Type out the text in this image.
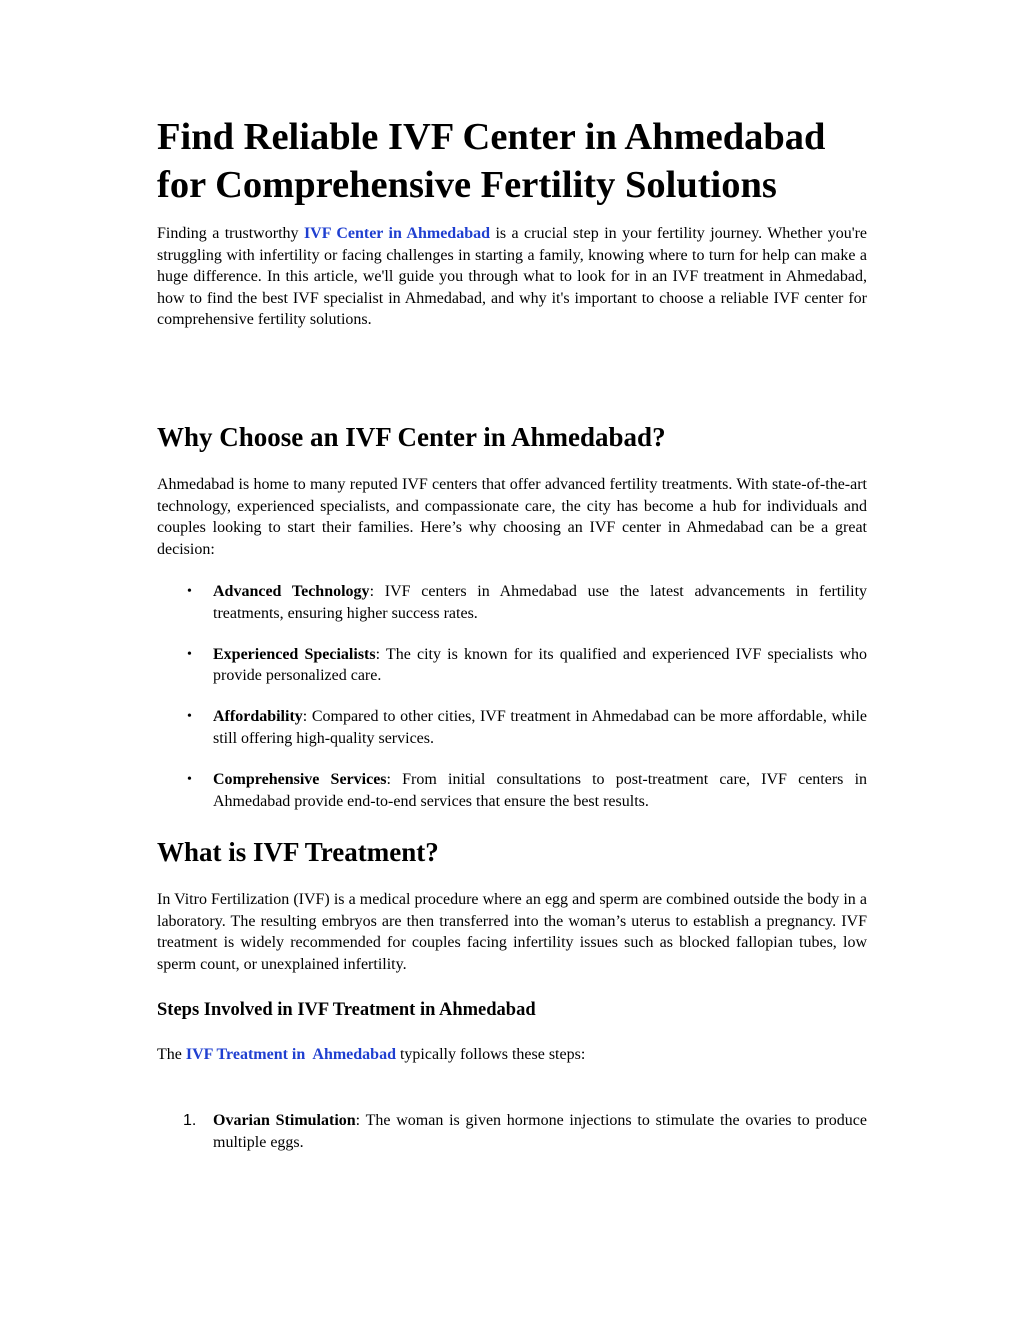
Find Reliable IVF Center in Ahmedabad for Comprehensive Fertility Solutions

Finding a trustworthy IVF Center in Ahmedabad is a crucial step in your fertility journey. Whether you're struggling with infertility or facing challenges in starting a family, knowing where to turn for help can make a huge difference. In this article, we'll guide you through what to look for in an IVF treatment in Ahmedabad, how to find the best IVF specialist in Ahmedabad, and why it's important to choose a reliable IVF center for comprehensive fertility solutions.

Why Choose an IVF Center in Ahmedabad?

Ahmedabad is home to many reputed IVF centers that offer advanced fertility treatments. With state-of-the-art technology, experienced specialists, and compassionate care, the city has become a hub for individuals and couples looking to start their families. Here’s why choosing an IVF center in Ahmedabad can be a great decision:

• Advanced Technology: IVF centers in Ahmedabad use the latest advancements in fertility treatments, ensuring higher success rates.
• Experienced Specialists: The city is known for its qualified and experienced IVF specialists who provide personalized care.
• Affordability: Compared to other cities, IVF treatment in Ahmedabad can be more affordable, while still offering high-quality services.
• Comprehensive Services: From initial consultations to post-treatment care, IVF centers in Ahmedabad provide end-to-end services that ensure the best results.
What is IVF Treatment?

In Vitro Fertilization (IVF) is a medical procedure where an egg and sperm are combined outside the body in a laboratory. The resulting embryos are then transferred into the woman’s uterus to establish a pregnancy. IVF treatment is widely recommended for couples facing infertility issues such as blocked fallopian tubes, low sperm count, or unexplained infertility.

Steps Involved in IVF Treatment in Ahmedabad

The IVF Treatment in  Ahmedabad typically follows these steps:

1. Ovarian Stimulation: The woman is given hormone injections to stimulate the ovaries to produce multiple eggs.
